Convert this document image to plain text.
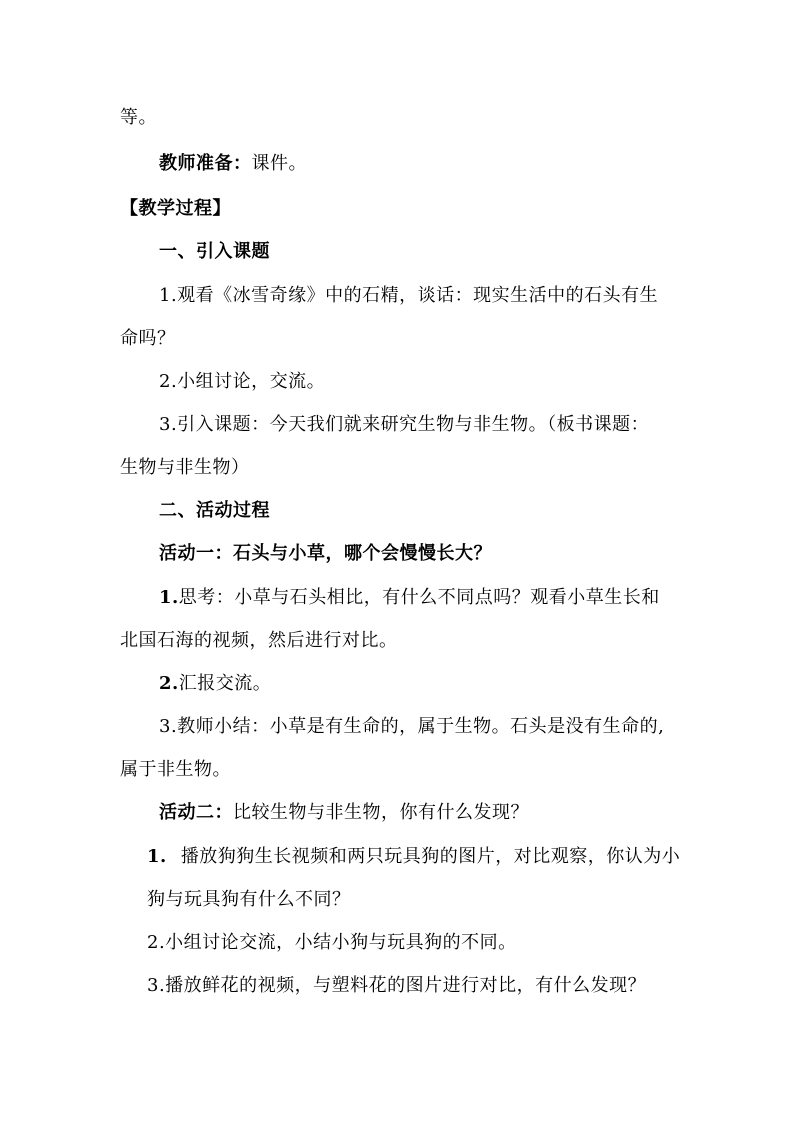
等。
教师准备：课件。
【教学过程】
一、引入课题
1.观看《冰雪奇缘》中的石精，谈话：现实生活中的石头有生
命吗？
2.小组讨论，交流。
3.引入课题：今天我们就来研究生物与非生物。（板书课题：
生物与非生物）
二、活动过程
活动一：石头与小草，哪个会慢慢长大？
1.思考：小草与石头相比，有什么不同点吗？观看小草生长和
北国石海的视频，然后进行对比。
2.汇报交流。
3.教师小结：小草是有生命的，属于生物。石头是没有生命的,
属于非生物。
活动二：比较生物与非生物，你有什么发现？
1. 播放狗狗生长视频和两只玩具狗的图片，对比观察，你认为小
狗与玩具狗有什么不同？
2.小组讨论交流，小结小狗与玩具狗的不同。
3.播放鲜花的视频，与塑料花的图片进行对比，有什么发现？
